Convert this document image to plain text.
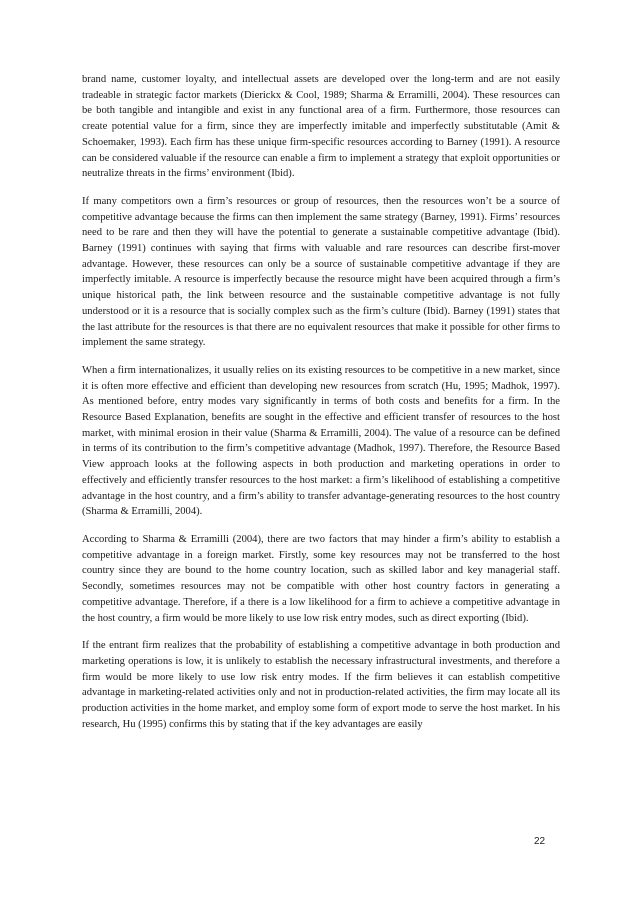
brand name, customer loyalty, and intellectual assets are developed over the long-term and are not easily tradeable in strategic factor markets (Dierickx & Cool, 1989; Sharma & Erramilli, 2004). These resources can be both tangible and intangible and exist in any functional area of a firm. Furthermore, those resources can create potential value for a firm, since they are imperfectly imitable and imperfectly substitutable (Amit & Schoemaker, 1993). Each firm has these unique firm-specific resources according to Barney (1991). A resource can be considered valuable if the resource can enable a firm to implement a strategy that exploit opportunities or neutralize threats in the firms’ environment (Ibid).

If many competitors own a firm’s resources or group of resources, then the resources won’t be a source of competitive advantage because the firms can then implement the same strategy (Barney, 1991). Firms’ resources need to be rare and then they will have the potential to generate a sustainable competitive advantage (Ibid). Barney (1991) continues with saying that firms with valuable and rare resources can describe first-mover advantage. However, these resources can only be a source of sustainable competitive advantage if they are imperfectly imitable. A resource is imperfectly because the resource might have been acquired through a firm’s unique historical path, the link between resource and the sustainable competitive advantage is not fully understood or it is a resource that is socially complex such as the firm’s culture (Ibid). Barney (1991) states that the last attribute for the resources is that there are no equivalent resources that make it possible for other firms to implement the same strategy.

When a firm internationalizes, it usually relies on its existing resources to be competitive in a new market, since it is often more effective and efficient than developing new resources from scratch (Hu, 1995; Madhok, 1997). As mentioned before, entry modes vary significantly in terms of both costs and benefits for a firm. In the Resource Based Explanation, benefits are sought in the effective and efficient transfer of resources to the host market, with minimal erosion in their value (Sharma & Erramilli, 2004). The value of a resource can be defined in terms of its contribution to the firm’s competitive advantage (Madhok, 1997). Therefore, the Resource Based View approach looks at the following aspects in both production and marketing operations in order to effectively and efficiently transfer resources to the host market: a firm’s likelihood of establishing a competitive advantage in the host country, and a firm’s ability to transfer advantage-generating resources to the host country (Sharma & Erramilli, 2004).

According to Sharma & Erramilli (2004), there are two factors that may hinder a firm’s ability to establish a competitive advantage in a foreign market. Firstly, some key resources may not be transferred to the host country since they are bound to the home country location, such as skilled labor and key managerial staff. Secondly, sometimes resources may not be compatible with other host country factors in generating a competitive advantage. Therefore, if a there is a low likelihood for a firm to achieve a competitive advantage in the host country, a firm would be more likely to use low risk entry modes, such as direct exporting (Ibid).

If the entrant firm realizes that the probability of establishing a competitive advantage in both production and marketing operations is low, it is unlikely to establish the necessary infrastructural investments, and therefore a firm would be more likely to use low risk entry modes. If the firm believes it can establish competitive advantage in marketing-related activities only and not in production-related activities, the firm may locate all its production activities in the home market, and employ some form of export mode to serve the host market. In his research, Hu (1995) confirms this by stating that if the key advantages are easily

22
